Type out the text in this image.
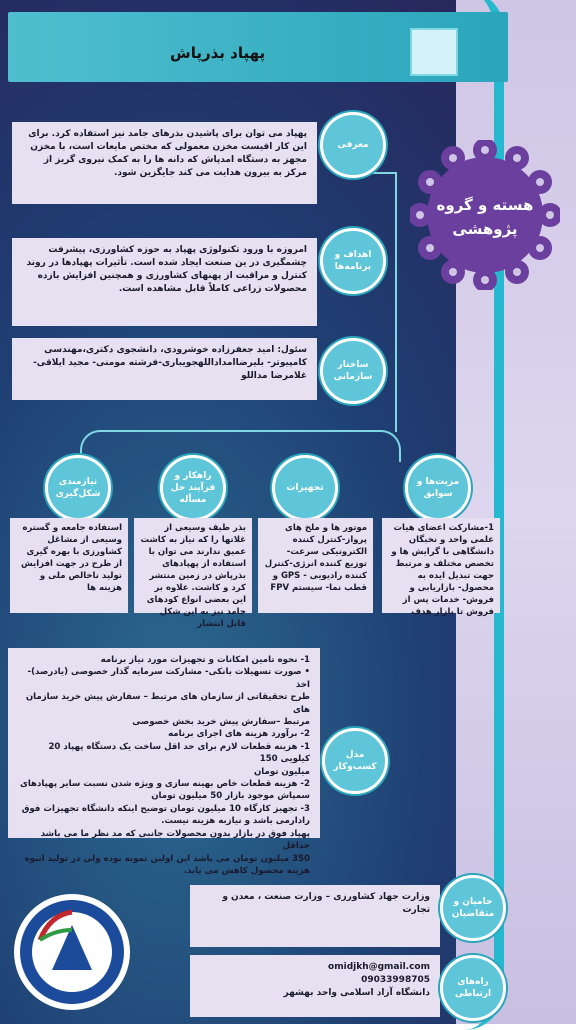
پهپاد بذرپاش
هسته و گروه
پژوهشی
پهپاد می توان برای پاشیدن بذرهای جامد نیز استفاده کرد. برای این کار اقیست مخزن معمولی که مختص مایعات است، با مخزن مجهز به دستگاه امدپاش که دانه ها را به کمک نیروی گریز از مرکز به بیرون هدایت می کند جایگزین شود.
معرفی
امروزه با ورود تکنولوژی پهپاد به حوزه کشاورزی، پیشرفت چشمگیری در ین صنعت ایجاد شده است. تأثیرات پهپادها در روند کنترل و مراقبت از پهنهای کشاورزی و همچنین افزایش بازده محصولات زراعی کاملاً قابل مشاهده است.
اهداف و برنامه‌ها
سئول: امید جعفرزاده خوشرودی، دانشجوی دکتری،مهندسی کامپیوتر- بلیرضاامداداللهجویباری-فرشته مومنی- مجید ایلاقی- غلامرضا مداللو
ساختار سازمانی
مزیت‌ها و سوابق
تجهیزات
راهکار و فرآیند حل مسأله
نیازمندی شکل‌گیری
1-مشارکت اعضای هیات علمی واحد و نخبگان دانشگاهی با گرایش ها و تخصص مختلف و مرتبط جهت تبدیل ایده به محصول- بازاریابی و فروش- خدمات پس از فروش تا بازار هدف
موتور ها و ملخ های پرواز-کنترل کننده الکترونیکی سرعت- توزیع کننده انرژی-کنترل کننده رادیویی - GPS و قطب نما- سیستم FPV
بذر طیف وسیعی از غلاتها را که نیاز به کاشت عمیق ندارند می توان با استفاده از پهپادهای بذرپاش در زمین منتشر کرد و کاشت. علاوه بر این بعضی انواع کودهای جامد نیز به این شکل قابل انتشار
استفاده جامعه و گستره وسیعی از مشاغل کشاورزی با بهره گیری از طرح در جهت افزایش تولید ناخالص ملی و هزینه ها
1- نحوه تامین امکانات و تجهیزات مورد نیاز برنامه
• صورت تسهیلات بانکی- مشارکت سرمایه گذار خصوصی (یادرصد)- اخذ
طرح تحقیقاتی از سازمان های مرتبط – سفارش پیش خرید سازمان های
مرتبط –سفارش پیش خرید بخش خصوصی
2- برآورد هزینه های اجرای برنامه
1- هزینه قطعات لازم برای حد اقل ساخت یک دستگاه پهپاد 20 کیلویی 150
میلیون تومان
2- هزینه قطعات خاص بهینه سازی و ویژه شدن نسبت سایر پهپادهای
سمپاش موجود بازار 50 میلیون تومان
3- تجهیز کارگاه 10 میلیون تومان توضیح اینکه دانشگاه تجهیزات فوق
رادارمی باشد و نیازبه هزینه نیست.
پهپاد فوق در بازار بدون محصولات جانبی که مد نظر ما می باشد حداقل
350 میلیون تومان می باشد این اولین نمونه بوده ولی در تولید انبوه
هزینه محصول کاهش می یابد.
مدل کسب‌وکار
وزارت جهاد کشاورزی – وزارت صنعت ، معدن و تجارت
حامیان و متقاضیان
omidjkh@gmail.com
09033998705
دانشگاه آزاد اسلامی واحد بهشهر
راه‌های ارتباطی
